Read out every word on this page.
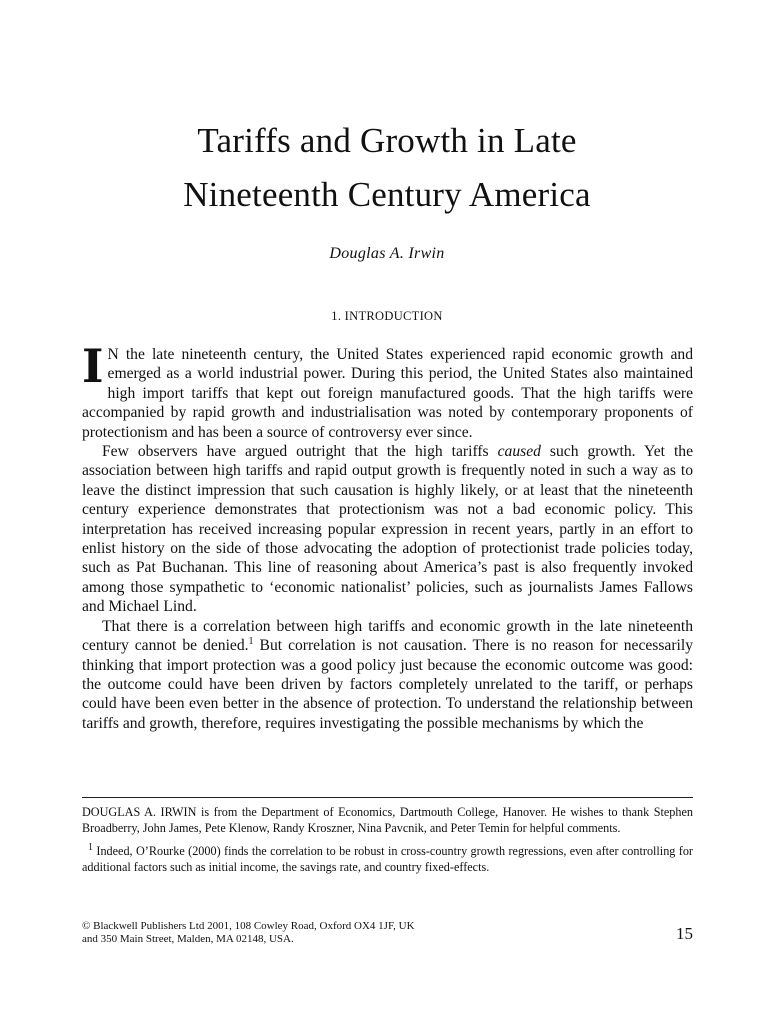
Tariffs and Growth in Late
Nineteenth Century America
Douglas A. Irwin
1. INTRODUCTION

I N the late nineteenth century, the United States experienced rapid economic growth and emerged as a world industrial power. During this period, the United States also maintained high import tariffs that kept out foreign manufactured goods. That the high tariffs were accompanied by rapid growth and industrialisation was noted by contemporary proponents of protectionism and has been a source of controversy ever since.

Few observers have argued outright that the high tariffs caused such growth. Yet the association between high tariffs and rapid output growth is frequently noted in such a way as to leave the distinct impression that such causation is highly likely, or at least that the nineteenth century experience demonstrates that protectionism was not a bad economic policy. This interpretation has received increasing popular expression in recent years, partly in an effort to enlist history on the side of those advocating the adoption of protectionist trade policies today, such as Pat Buchanan. This line of reasoning about America’s past is also frequently invoked among those sympathetic to ‘economic nationalist’ policies, such as journalists James Fallows and Michael Lind.

That there is a correlation between high tariffs and economic growth in the late nineteenth century cannot be denied.$^1$ But correlation is not causation. There is no reason for necessarily thinking that import protection was a good policy just because the economic outcome was good: the outcome could have been driven by factors completely unrelated to the tariff, or perhaps could have been even better in the absence of protection. To understand the relationship between tariffs and growth, therefore, requires investigating the possible mechanisms by which the

DOUGLAS A. IRWIN is from the Department of Economics, Dartmouth College, Hanover. He wishes to thank Stephen Broadberry, John James, Pete Klenow, Randy Kroszner, Nina Pavcnik, and Peter Temin for helpful comments.

$^1$ Indeed, O’Rourke (2000) finds the correlation to be robust in cross-country growth regressions, even after controlling for additional factors such as initial income, the savings rate, and country fixed-effects.

© Blackwell Publishers Ltd 2001, 108 Cowley Road, Oxford OX4 1JF, UK
and 350 Main Street, Malden, MA 02148, USA.	15
